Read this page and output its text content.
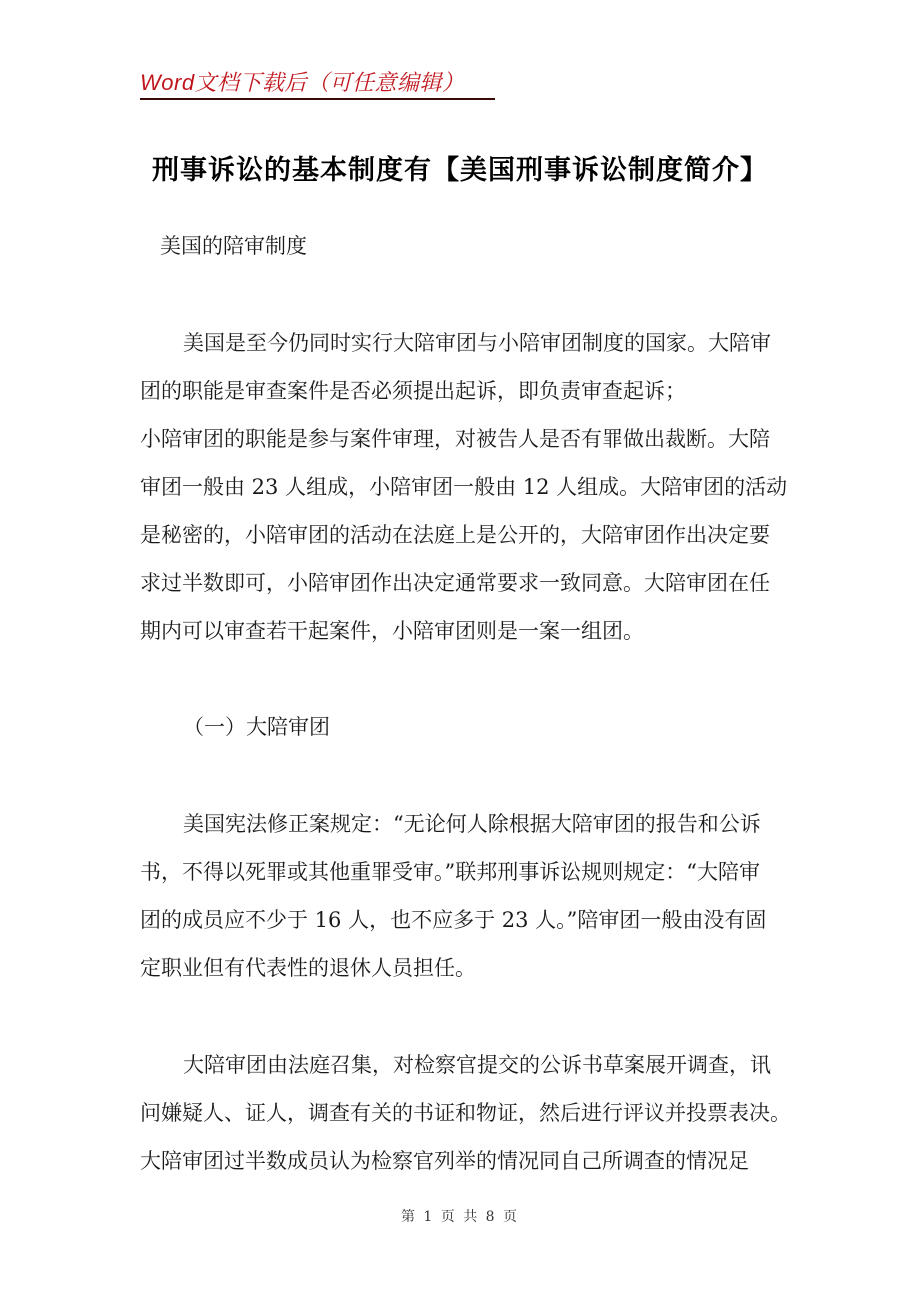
Word文档下载后（可任意编辑）
刑事诉讼的基本制度有【美国刑事诉讼制度简介】
美国的陪审制度
美国是至今仍同时实行大陪审团与小陪审团制度的国家。大陪审
团的职能是审查案件是否必须提出起诉，即负责审查起诉；
小陪审团的职能是参与案件审理，对被告人是否有罪做出裁断。大陪
审团一般由 23 人组成，小陪审团一般由 12 人组成。大陪审团的活动
是秘密的，小陪审团的活动在法庭上是公开的，大陪审团作出决定要
求过半数即可，小陪审团作出决定通常要求一致同意。大陪审团在任
期内可以审查若干起案件，小陪审团则是一案一组团。
（一）大陪审团
美国宪法修正案规定：“无论何人除根据大陪审团的报告和公诉
书，不得以死罪或其他重罪受审。”联邦刑事诉讼规则规定：“大陪审
团的成员应不少于 16 人，也不应多于 23 人。”陪审团一般由没有固
定职业但有代表性的退休人员担任。
大陪审团由法庭召集，对检察官提交的公诉书草案展开调查，讯
问嫌疑人、证人，调查有关的书证和物证，然后进行评议并投票表决。
大陪审团过半数成员认为检察官列举的情况同自己所调查的情况足
第 1 页 共 8 页
